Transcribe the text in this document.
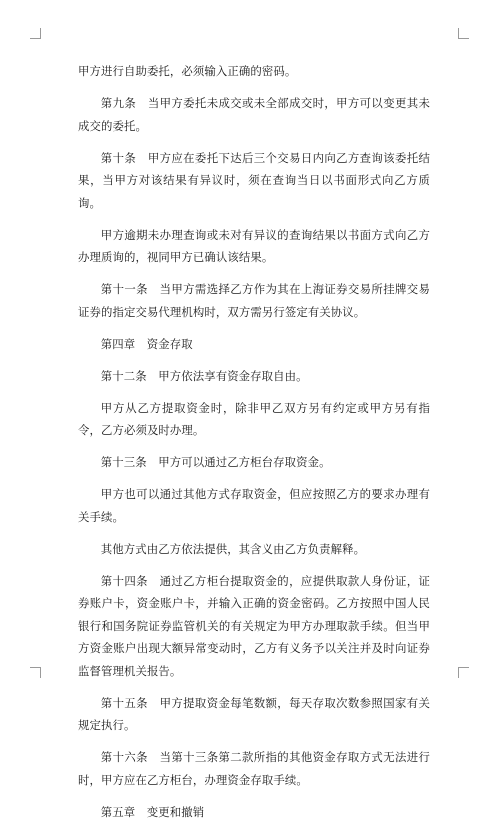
甲方进行自助委托，必须输入正确的密码。

第九条　当甲方委托未成交或未全部成交时，甲方可以变更其未成交的委托。

第十条　甲方应在委托下达后三个交易日内向乙方查询该委托结果，当甲方对该结果有异议时，须在查询当日以书面形式向乙方质询。

甲方逾期未办理查询或未对有异议的查询结果以书面方式向乙方办理质询的，视同甲方已确认该结果。

第十一条　当甲方需选择乙方作为其在上海证券交易所挂牌交易证券的指定交易代理机构时，双方需另行签定有关协议。

第四章　资金存取

第十二条　甲方依法享有资金存取自由。

甲方从乙方提取资金时，除非甲乙双方另有约定或甲方另有指令，乙方必须及时办理。

第十三条　甲方可以通过乙方柜台存取资金。

甲方也可以通过其他方式存取资金，但应按照乙方的要求办理有关手续。

其他方式由乙方依法提供，其含义由乙方负责解释。

第十四条　通过乙方柜台提取资金的，应提供取款人身份证，证券账户卡，资金账户卡，并输入正确的资金密码。乙方按照中国人民银行和国务院证券监管机关的有关规定为甲方办理取款手续。但当甲方资金账户出现大额异常变动时，乙方有义务予以关注并及时向证券监督管理机关报告。

第十五条　甲方提取资金每笔数额，每天存取次数参照国家有关规定执行。

第十六条　当第十三条第二款所指的其他资金存取方式无法进行时，甲方应在乙方柜台，办理资金存取手续。

第五章　变更和撤销
